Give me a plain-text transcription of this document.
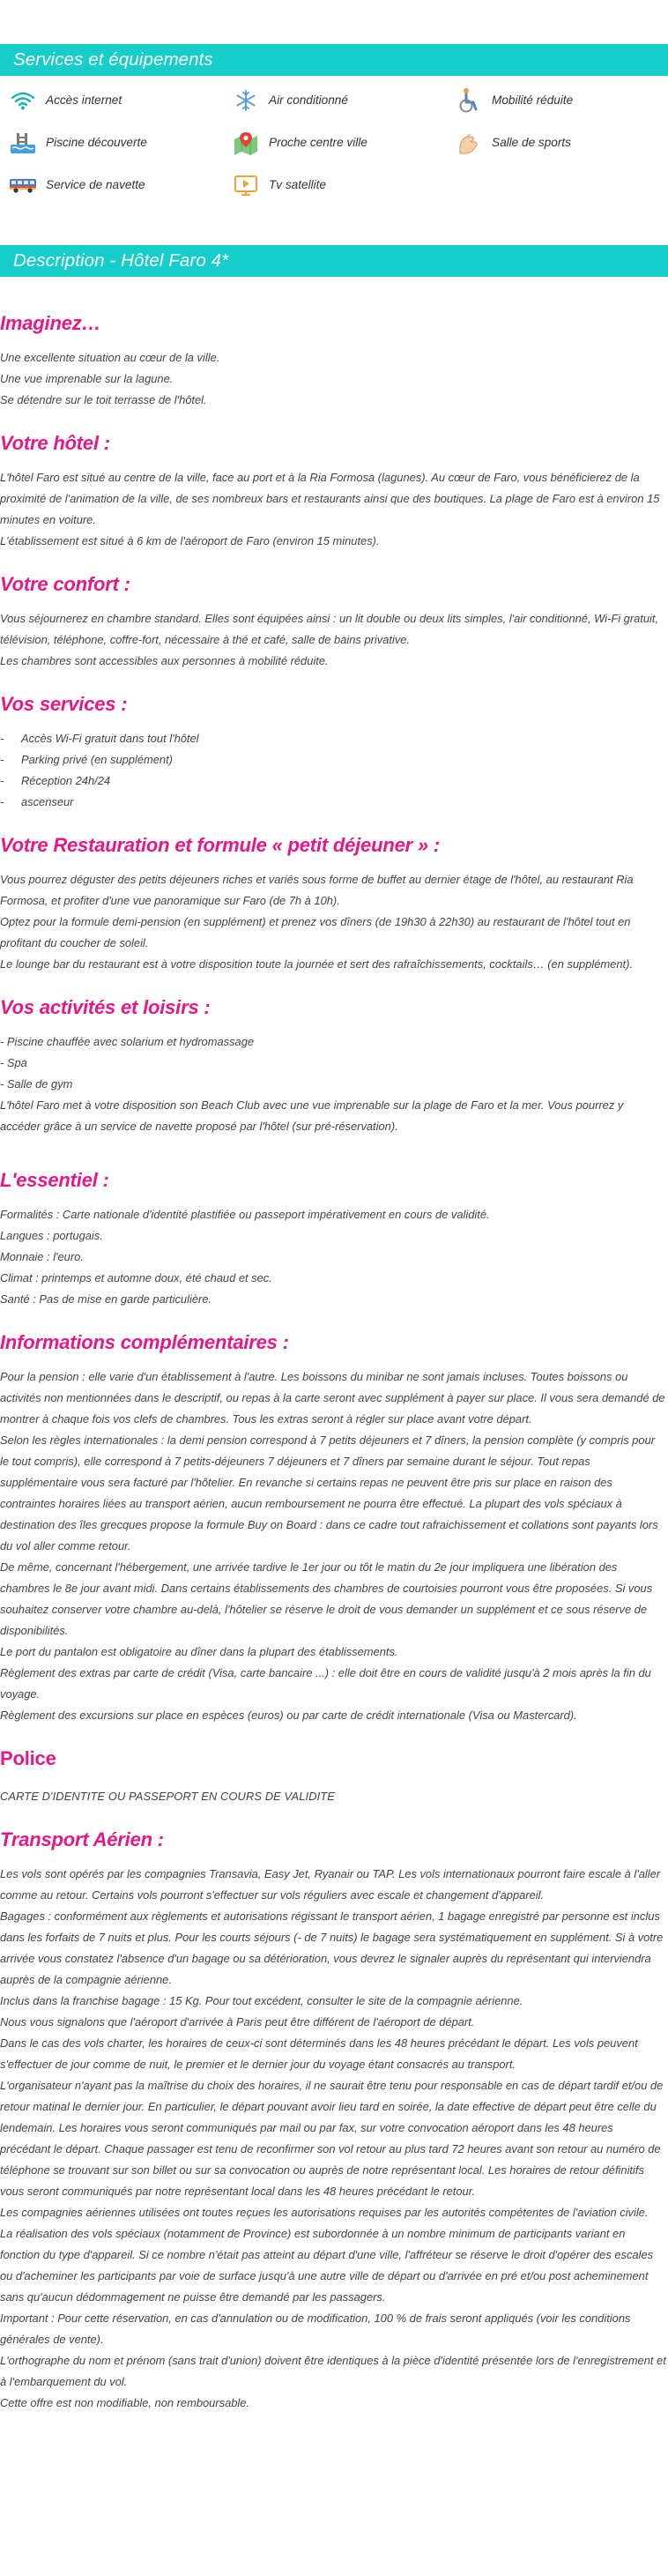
Services et équipements
Accès internet	Air conditionné	Mobilité réduite
Piscine découverte	Proche centre ville	Salle de sports
Service de navette	Tv satellite
Description - Hôtel Faro 4*
Imaginez…
Une excellente situation au cœur de la ville.
Une vue imprenable sur la lagune.
Se détendre sur le toit terrasse de l'hôtel.
Votre hôtel :
L'hôtel Faro est situé au centre de la ville, face au port et à la Ria Formosa (lagunes). Au cœur de Faro, vous bénéficierez de la proximité de l'animation de la ville, de ses nombreux bars et restaurants ainsi que des boutiques. La plage de Faro est à environ 15 minutes en voiture.
L'établissement est situé à 6 km de l'aéroport de Faro (environ 15 minutes).
Votre confort :
Vous séjournerez en chambre standard. Elles sont équipées ainsi : un lit double ou deux lits simples, l'air conditionné, Wi-Fi gratuit, télévision, téléphone, coffre-fort, nécessaire à thé et café, salle de bains privative.
Les chambres sont accessibles aux personnes à mobilité réduite.
Vos services :
-	Accès Wi-Fi gratuit dans tout l'hôtel
-	Parking privé (en supplément)
-	Réception 24h/24
-	ascenseur
Votre Restauration et formule « petit déjeuner » :
Vous pourrez déguster des petits déjeuners riches et variés sous forme de buffet au dernier étage de l'hôtel, au restaurant Ria Formosa, et profiter d'une vue panoramique sur Faro (de 7h à 10h).
Optez pour la formule demi-pension (en supplément) et prenez vos dîners (de 19h30 à 22h30) au restaurant de l'hôtel tout en profitant du coucher de soleil.
Le lounge bar du restaurant est à votre disposition toute la journée et sert des rafraîchissements, cocktails… (en supplément).
Vos activités et loisirs :
- Piscine chauffée avec solarium et hydromassage
- Spa
- Salle de gym
L'hôtel Faro met à votre disposition son Beach Club avec une vue imprenable sur la plage de Faro et la mer. Vous pourrez y accéder grâce à un service de navette proposé par l'hôtel (sur pré-réservation).
L'essentiel :
Formalités : Carte nationale d'identité plastifiée ou passeport impérativement en cours de validité.
Langues : portugais.
Monnaie : l'euro.
Climat : printemps et automne doux, été chaud et sec.
Santé : Pas de mise en garde particulière.
Informations complémentaires :
Pour la pension : elle varie d'un établissement à l'autre. Les boissons du minibar ne sont jamais incluses. Toutes boissons ou activités non mentionnées dans le descriptif, ou repas à la carte seront avec supplément à payer sur place. Il vous sera demandé de montrer à chaque fois vos clefs de chambres. Tous les extras seront à régler sur place avant votre départ.
Selon les règles internationales : la demi pension correspond à 7 petits déjeuners et 7 dîners, la pension complète (y compris pour le tout compris), elle correspond à 7 petits-déjeuners 7 déjeuners et 7 dîners par semaine durant le séjour. Tout repas supplémentaire vous sera facturé par l'hôtelier. En revanche si certains repas ne peuvent être pris sur place en raison des contraintes horaires liées au transport aérien, aucun remboursement ne pourra être effectué. La plupart des vols spéciaux à destination des îles grecques propose la formule Buy on Board : dans ce cadre tout rafraichissement et collations sont payants lors du vol aller comme retour.
De même, concernant l'hébergement, une arrivée tardive le 1er jour ou tôt le matin du 2e jour impliquera une libération des chambres le 8e jour avant midi. Dans certains établissements des chambres de courtoisies pourront vous être proposées. Si vous souhaitez conserver votre chambre au-delà, l'hôtelier se réserve le droit de vous demander un supplément et ce sous réserve de disponibilités.
Le port du pantalon est obligatoire au dîner dans la plupart des établissements.
Règlement des extras par carte de crédit (Visa, carte bancaire ...) : elle doit être en cours de validité jusqu'à 2 mois après la fin du voyage.
Règlement des excursions sur place en espèces (euros) ou par carte de crédit internationale (Visa ou Mastercard).
Police
CARTE D'IDENTITE OU PASSEPORT EN COURS DE VALIDITE
Transport Aérien :
Les vols sont opérés par les compagnies Transavia, Easy Jet, Ryanair ou TAP. Les vols internationaux pourront faire escale à l'aller comme au retour. Certains vols pourront s'effectuer sur vols réguliers avec escale et changement d'appareil.
Bagages : conformément aux règlements et autorisations régissant le transport aérien, 1 bagage enregistré par personne est inclus dans les forfaits de 7 nuits et plus. Pour les courts séjours (- de 7 nuits) le bagage sera systématiquement en supplément. Si à votre arrivée vous constatez l'absence d'un bagage ou sa détérioration, vous devrez le signaler auprès du représentant qui interviendra auprès de la compagnie aérienne.
Inclus dans la franchise bagage : 15 Kg. Pour tout excédent, consulter le site de la compagnie aérienne.
Nous vous signalons que l'aéroport d'arrivée à Paris peut être différent de l'aéroport de départ.
Dans le cas des vols charter, les horaires de ceux-ci sont déterminés dans les 48 heures précédant le départ. Les vols peuvent s'effectuer de jour comme de nuit, le premier et le dernier jour du voyage étant consacrés au transport.
L'organisateur n'ayant pas la maîtrise du choix des horaires, il ne saurait être tenu pour responsable en cas de départ tardif et/ou de retour matinal le dernier jour. En particulier, le départ pouvant avoir lieu tard en soirée, la date effective de départ peut être celle du lendemain. Les horaires vous seront communiqués par mail ou par fax, sur votre convocation aéroport dans les 48 heures précédant le départ. Chaque passager est tenu de reconfirmer son vol retour au plus tard 72 heures avant son retour au numéro de téléphone se trouvant sur son billet ou sur sa convocation ou auprès de notre représentant local. Les horaires de retour définitifs vous seront communiqués par notre représentant local dans les 48 heures précédant le retour.
Les compagnies aériennes utilisées ont toutes reçues les autorisations requises par les autorités compétentes de l'aviation civile.
La réalisation des vols spéciaux (notamment de Province) est subordonnée à un nombre minimum de participants variant en fonction du type d'appareil. Si ce nombre n'était pas atteint au départ d'une ville, l'affréteur se réserve le droit d'opérer des escales ou d'acheminer les participants par voie de surface jusqu'à une autre ville de départ ou d'arrivée en pré et/ou post acheminement sans qu'aucun dédommagement ne puisse être demandé par les passagers.
Important : Pour cette réservation, en cas d'annulation ou de modification, 100 % de frais seront appliqués (voir les conditions générales de vente).
L'orthographe du nom et prénom (sans trait d'union) doivent être identiques à la pièce d'identité présentée lors de l'enregistrement et à l'embarquement du vol.
Cette offre est non modifiable, non remboursable.
